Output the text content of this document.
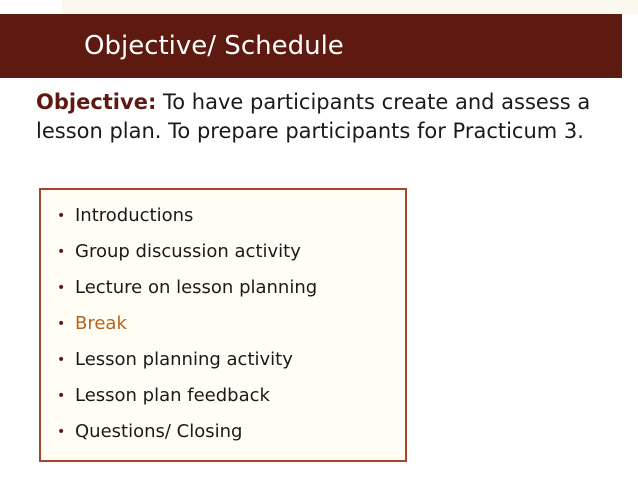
Objective/ Schedule
Objective: To have participants create and assess a lesson plan. To prepare participants for Practicum 3.
• Introductions
• Group discussion activity
• Lecture on lesson planning
• Break
• Lesson planning activity
• Lesson plan feedback
• Questions/ Closing
